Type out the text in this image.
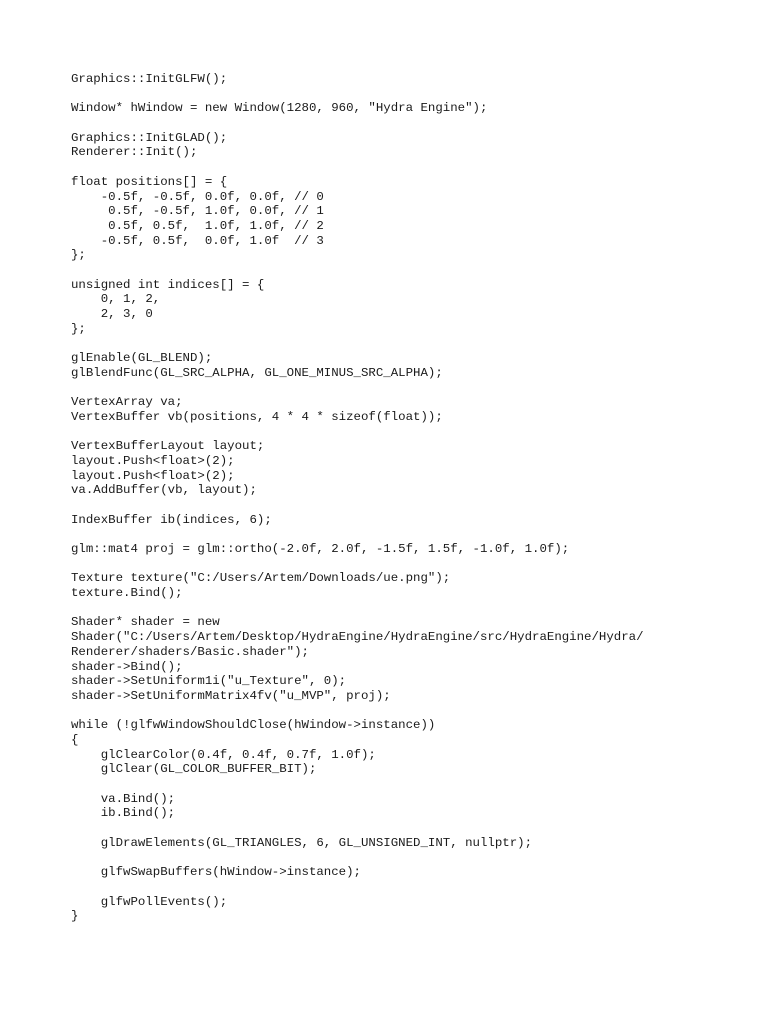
Graphics::InitGLFW();
Window* hWindow = new Window(1280, 960, "Hydra Engine");
Graphics::InitGLAD();
Renderer::Init();
float positions[] = {
-0.5f, -0.5f, 0.0f, 0.0f, // 0
0.5f, -0.5f, 1.0f, 0.0f, // 1
0.5f, 0.5f,  1.0f, 1.0f, // 2
-0.5f, 0.5f,  0.0f, 1.0f  // 3
};
unsigned int indices[] = {
0, 1, 2,
2, 3, 0
};
glEnable(GL_BLEND);
glBlendFunc(GL_SRC_ALPHA, GL_ONE_MINUS_SRC_ALPHA);
VertexArray va;
VertexBuffer vb(positions, 4 * 4 * sizeof(float));
VertexBufferLayout layout;
layout.Push<float>(2);
layout.Push<float>(2);
va.AddBuffer(vb, layout);
IndexBuffer ib(indices, 6);
glm::mat4 proj = glm::ortho(-2.0f, 2.0f, -1.5f, 1.5f, -1.0f, 1.0f);
Texture texture("C:/Users/Artem/Downloads/ue.png");
texture.Bind();
Shader* shader = new
Shader("C:/Users/Artem/Desktop/HydraEngine/HydraEngine/src/HydraEngine/Hydra/
Renderer/shaders/Basic.shader");
shader->Bind();
shader->SetUniform1i("u_Texture", 0);
shader->SetUniformMatrix4fv("u_MVP", proj);
while (!glfwWindowShouldClose(hWindow->instance))
{
glClearColor(0.4f, 0.4f, 0.7f, 1.0f);
glClear(GL_COLOR_BUFFER_BIT);
va.Bind();
ib.Bind();
glDrawElements(GL_TRIANGLES, 6, GL_UNSIGNED_INT, nullptr);
glfwSwapBuffers(hWindow->instance);
glfwPollEvents();
}
